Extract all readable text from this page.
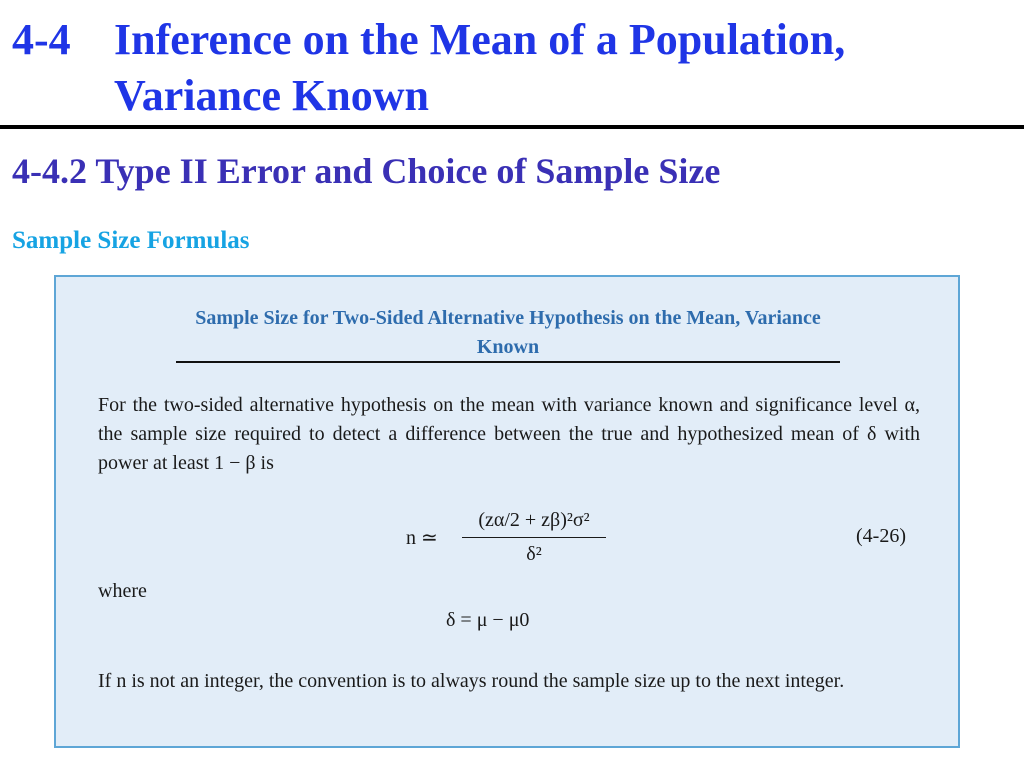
4-4 Inference on the Mean of a Population, Variance Known
4-4.2 Type II Error and Choice of Sample Size
Sample Size Formulas
Sample Size for Two-Sided Alternative Hypothesis on the Mean, Variance Known
For the two-sided alternative hypothesis on the mean with variance known and significance level α, the sample size required to detect a difference between the true and hypothesized mean of δ with power at least 1 − β is
n ≃
(zα/2 + zβ)²σ²
δ²
(4-26)
where
δ = μ − μ0
If n is not an integer, the convention is to always round the sample size up to the next integer.
